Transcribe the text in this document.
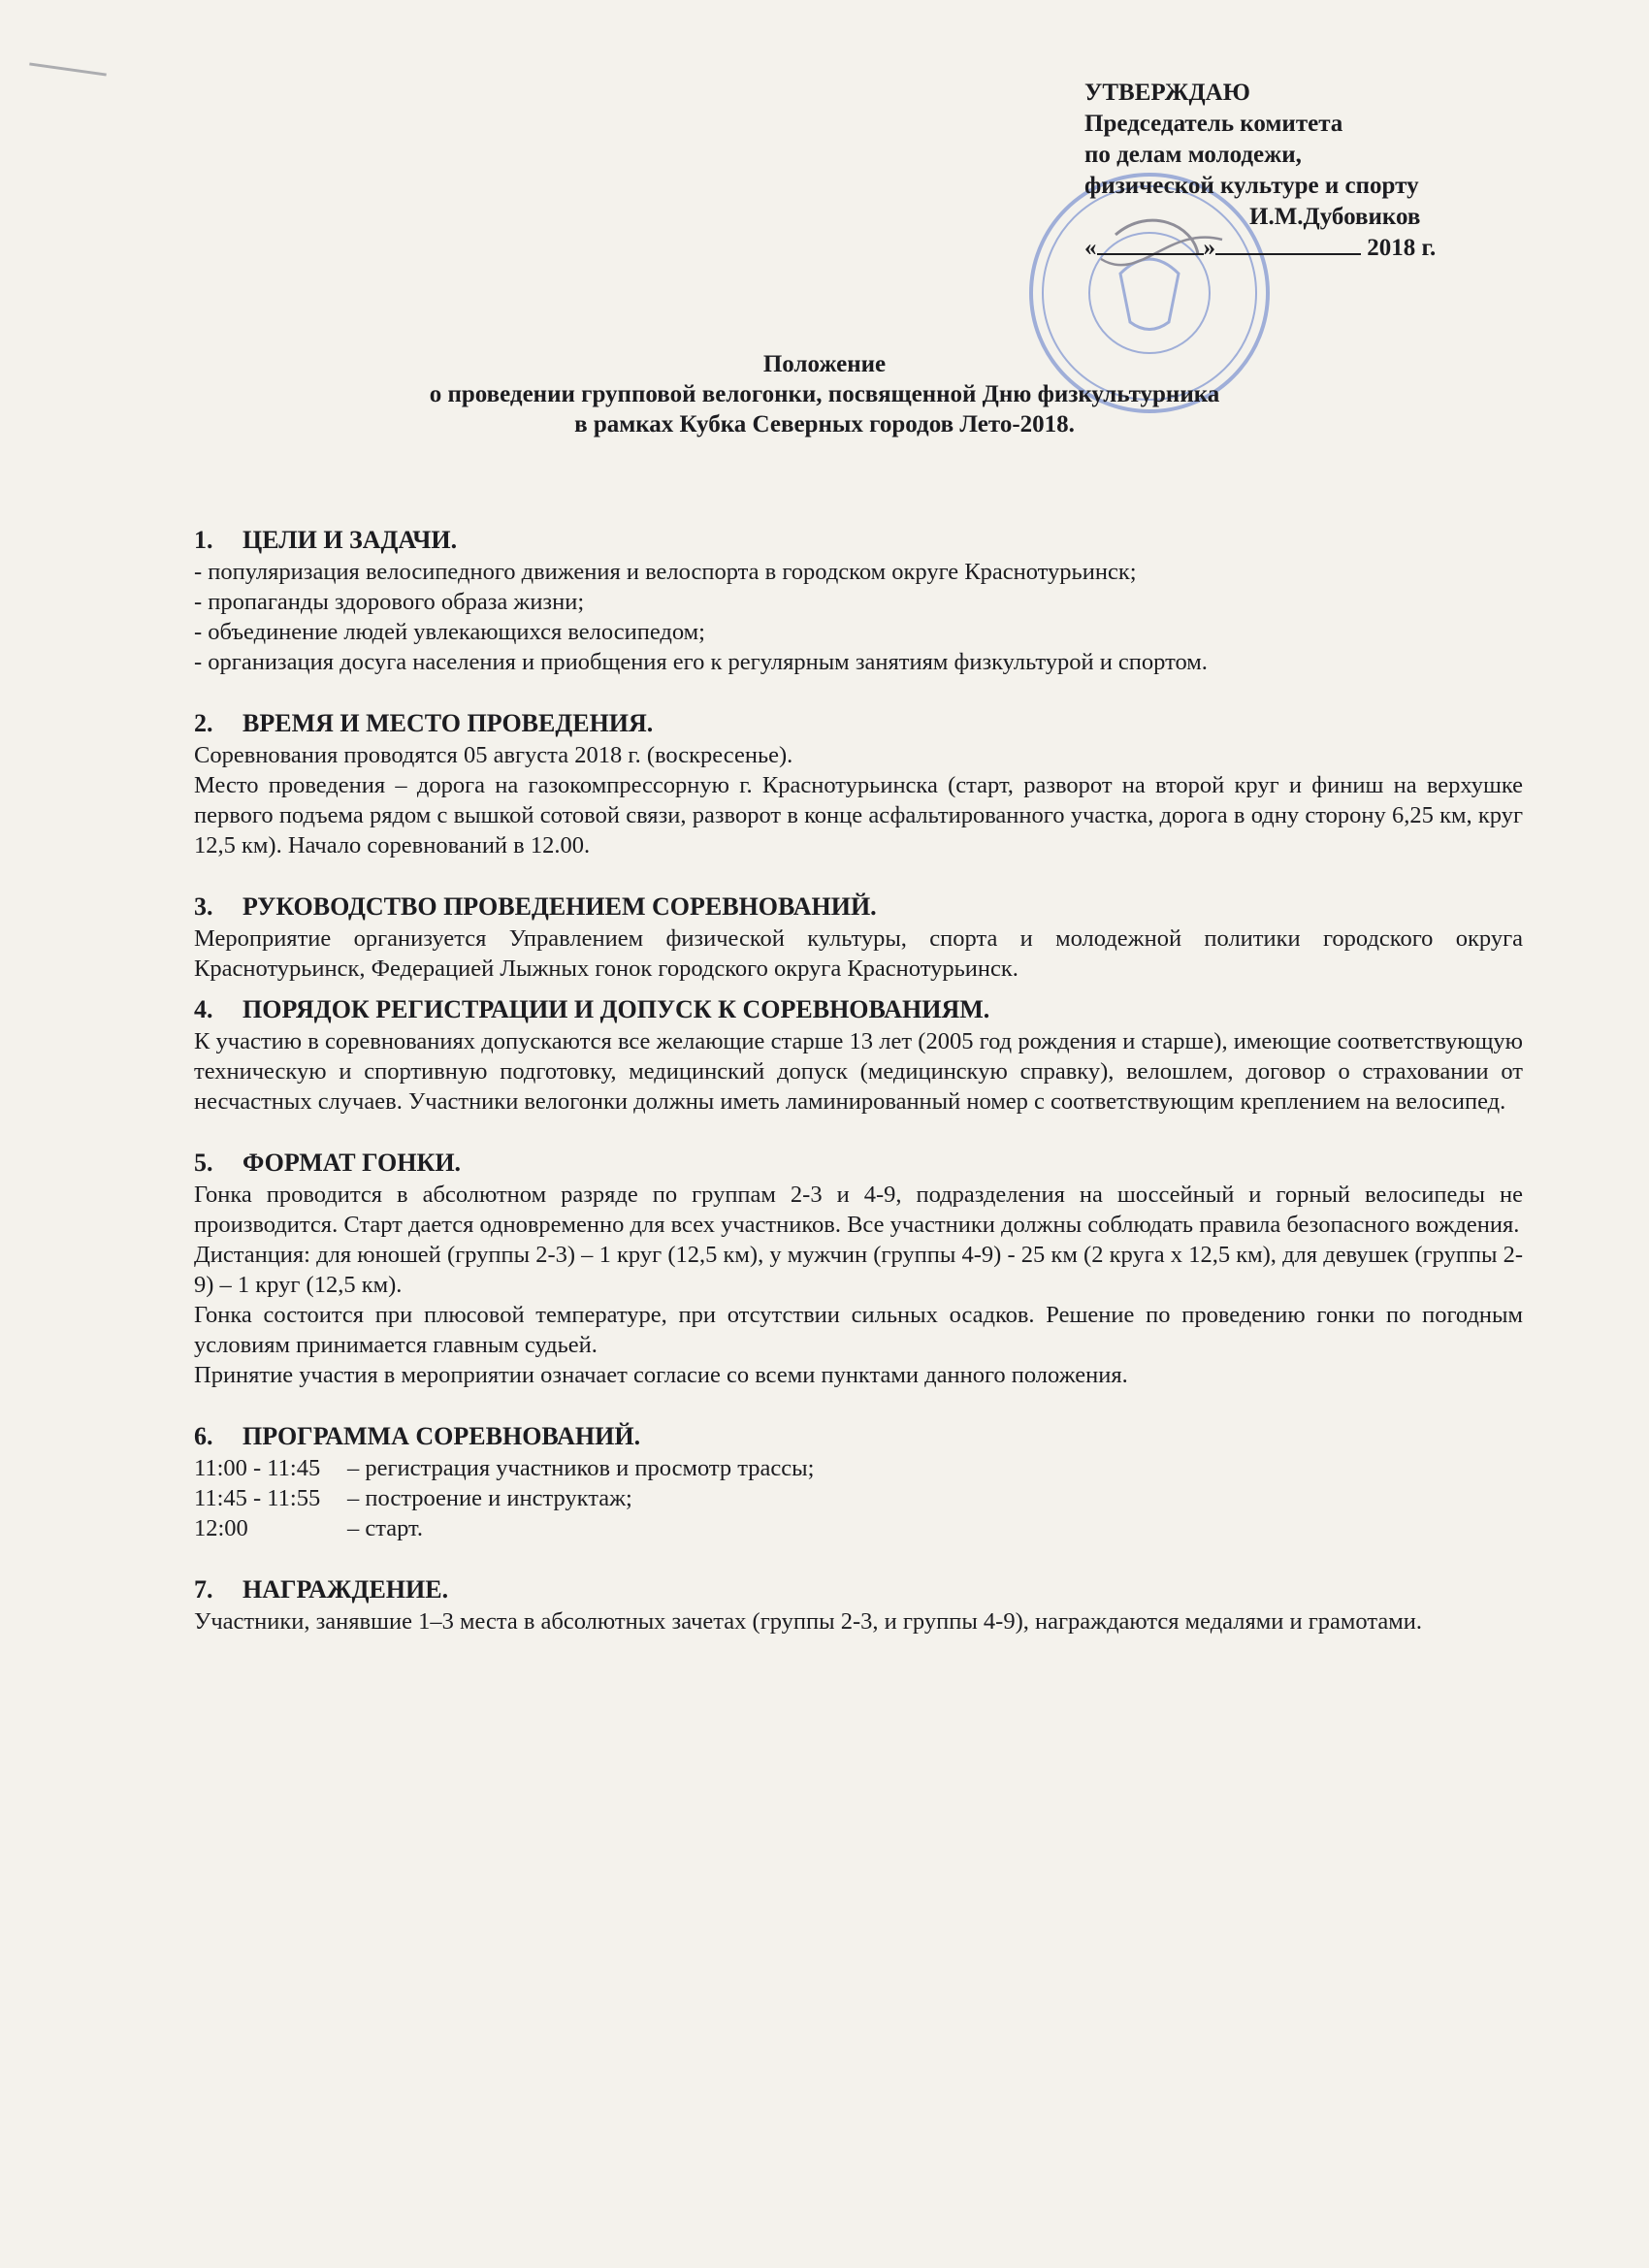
УТВЕРЖДАЮ
Председатель комитета
по делам молодежи,
физической культуре и спорту
И.М.Дубовиков
«	»	2018 г.
Положение
о проведении групповой велогонки, посвященной Дню физкультурника
в рамках Кубка Северных городов Лето-2018.
1.	ЦЕЛИ И ЗАДАЧИ.
- популяризация велосипедного движения и велоспорта в городском округе Краснотурьинск;
- пропаганды здорового образа жизни;
- объединение людей увлекающихся велосипедом;
- организация досуга населения и приобщения его к регулярным занятиям физкультурой и спортом.
2.	ВРЕМЯ И МЕСТО ПРОВЕДЕНИЯ.
Соревнования проводятся 05 августа 2018 г. (воскресенье).
Место проведения – дорога на газокомпрессорную г. Краснотурьинска (старт, разворот на второй круг и финиш на верхушке первого подъема рядом с вышкой сотовой связи, разворот в конце асфальтированного участка, дорога в одну сторону 6,25 км, круг 12,5 км). Начало соревнований в 12.00.
3.	РУКОВОДСТВО ПРОВЕДЕНИЕМ СОРЕВНОВАНИЙ.
Мероприятие организуется Управлением физической культуры, спорта и молодежной политики городского округа Краснотурьинск, Федерацией Лыжных гонок городского округа Краснотурьинск.
4.	ПОРЯДОК РЕГИСТРАЦИИ И ДОПУСК К СОРЕВНОВАНИЯМ.
К участию в соревнованиях допускаются все желающие старше 13 лет (2005 год рождения и старше), имеющие соответствующую техническую и спортивную подготовку, медицинский допуск (медицинскую справку), велошлем, договор о страховании от несчастных случаев. Участники велогонки должны иметь ламинированный номер с соответствующим креплением на велосипед.
5.	ФОРМАТ ГОНКИ.
Гонка проводится в абсолютном разряде по группам 2-3 и 4-9, подразделения на шоссейный и горный велосипеды не производится. Старт дается одновременно для всех участников. Все участники должны соблюдать правила безопасного вождения.
Дистанция: для юношей (группы 2-3) – 1 круг (12,5 км), у мужчин (группы 4-9) - 25 км (2 круга х 12,5 км), для девушек (группы 2-9) – 1 круг (12,5 км).
Гонка состоится при плюсовой температуре, при отсутствии сильных осадков. Решение по проведению гонки по погодным условиям принимается главным судьей.
Принятие участия в мероприятии означает согласие со всеми пунктами данного положения.
6.	ПРОГРАММА СОРЕВНОВАНИЙ.
11:00 - 11:45	– регистрация участников и просмотр трассы;
11:45 - 11:55	– построение и инструктаж;
12:00	– старт.
7.	НАГРАЖДЕНИЕ.
Участники, занявшие 1–3 места в абсолютных зачетах (группы 2-3, и группы 4-9), награждаются медалями и грамотами.
